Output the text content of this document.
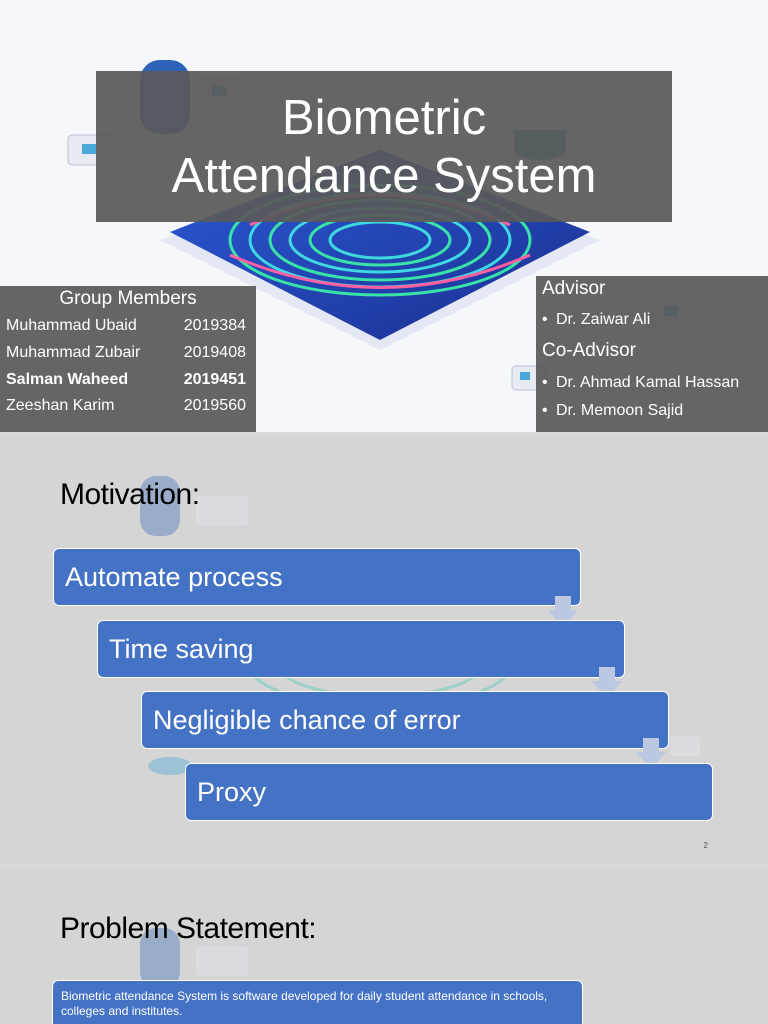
Biometric
Attendance System
Group Members
Muhammad Ubaid	2019384
Muhammad Zubair	2019408
Salman Waheed	2019451
Zeeshan Karim	2019560
Advisor
• Dr. Zaiwar Ali
Co-Advisor
• Dr. Ahmad Kamal Hassan
• Dr. Memoon Sajid
Motivation:
Automate process
Time saving
Negligible chance of error
Proxy
2
Problem Statement:
Biometric attendance System is software developed for daily student attendance in schools, colleges and institutes.
